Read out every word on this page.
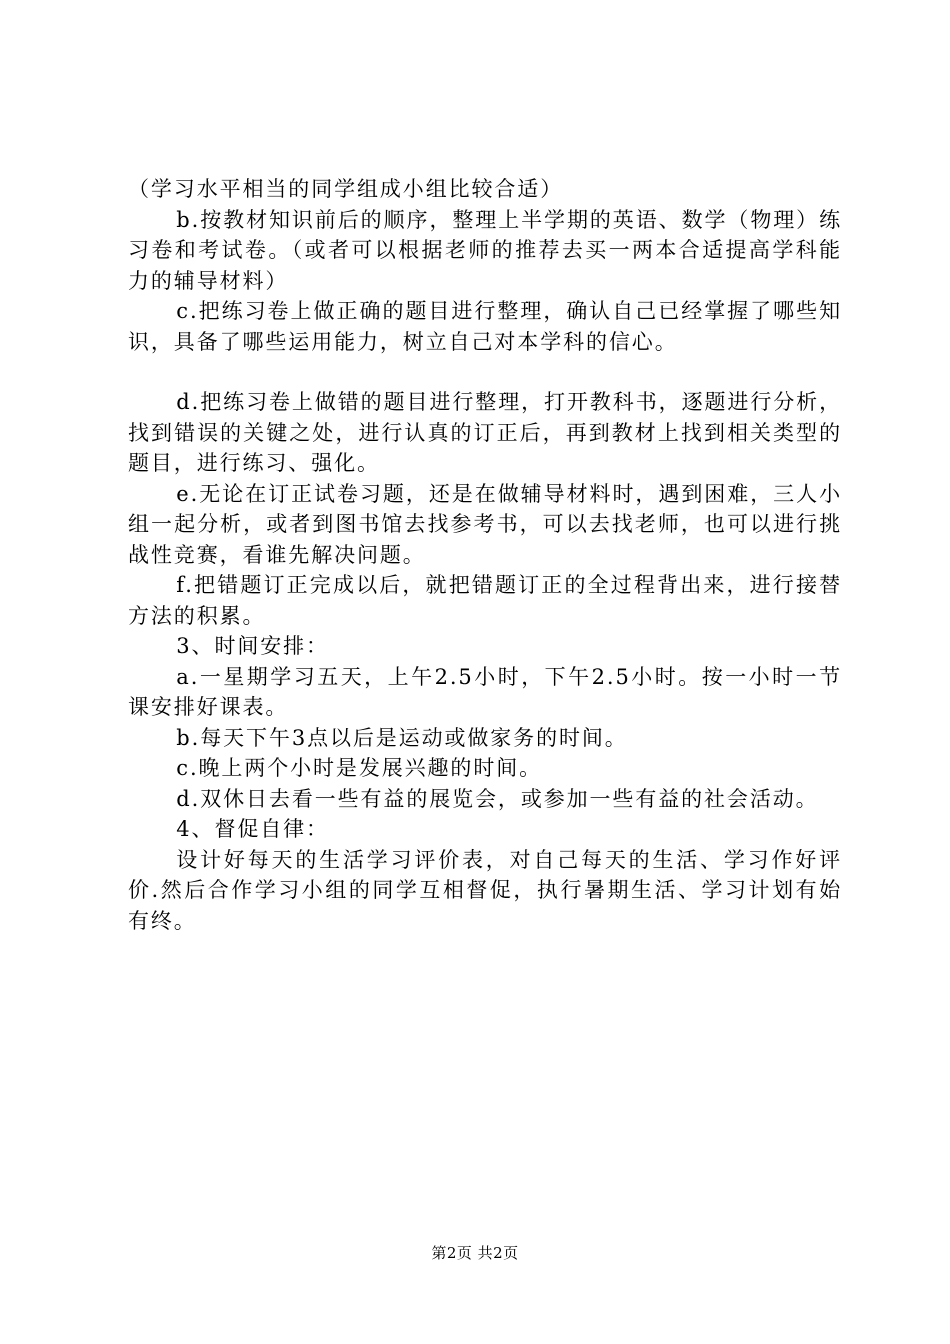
（学习水平相当的同学组成小组比较合适）

b.按教材知识前后的顺序，整理上半学期的英语、数学（物理）练习卷和考试卷。（或者可以根据老师的推荐去买一两本合适提高学科能力的辅导材料）

c.把练习卷上做正确的题目进行整理，确认自己已经掌握了哪些知识，具备了哪些运用能力，树立自己对本学科的信心。

d.把练习卷上做错的题目进行整理，打开教科书，逐题进行分析，找到错误的关键之处，进行认真的订正后，再到教材上找到相关类型的题目，进行练习、强化。

e.无论在订正试卷习题，还是在做辅导材料时，遇到困难，三人小组一起分析，或者到图书馆去找参考书，可以去找老师，也可以进行挑战性竞赛，看谁先解决问题。

f.把错题订正完成以后，就把错题订正的全过程背出来，进行接替方法的积累。

3、时间安排：

a.一星期学习五天，上午2.5小时，下午2.5小时。按一小时一节课安排好课表。

b.每天下午3点以后是运动或做家务的时间。

c.晚上两个小时是发展兴趣的时间。

d.双休日去看一些有益的展览会，或参加一些有益的社会活动。

4、督促自律：

设计好每天的生活学习评价表，对自己每天的生活、学习作好评价.然后合作学习小组的同学互相督促，执行暑期生活、学习计划有始有终。

第2页 共2页
